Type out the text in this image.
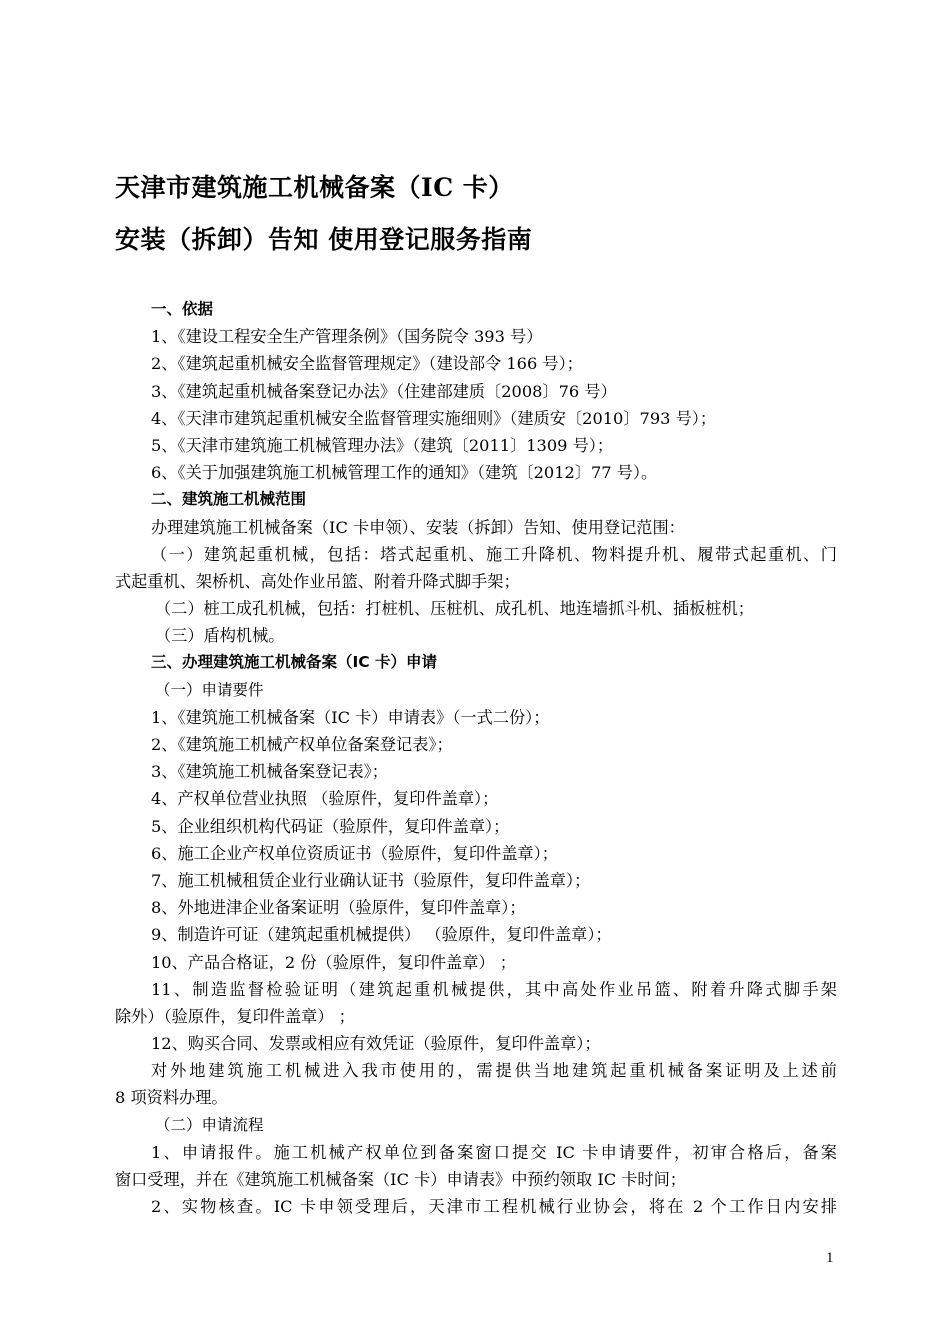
天津市建筑施工机械备案（IC 卡）
安装（拆卸）告知 使用登记服务指南
一、依据
1、《建设工程安全生产管理条例》（国务院令 393 号）
2、《建筑起重机械安全监督管理规定》（建设部令 166 号）；
3、《建筑起重机械备案登记办法》（住建部建质〔2008〕76 号）
4、《天津市建筑起重机械安全监督管理实施细则》（建质安〔2010〕793 号）；
5、《天津市建筑施工机械管理办法》（建筑〔2011〕1309 号）；
6、《关于加强建筑施工机械管理工作的通知》（建筑〔2012〕77 号）。
二、建筑施工机械范围
办理建筑施工机械备案（IC 卡申领）、安装（拆卸）告知、使用登记范围：
（一）建筑起重机械，包括：塔式起重机、施工升降机、物料提升机、履带式起重机、门
式起重机、架桥机、高处作业吊篮、附着升降式脚手架；
（二）桩工成孔机械，包括：打桩机、压桩机、成孔机、地连墙抓斗机、插板桩机；
（三）盾构机械。
三、办理建筑施工机械备案（IC 卡）申请
（一）申请要件
1、《建筑施工机械备案（IC 卡）申请表》（一式二份）；
2、《建筑施工机械产权单位备案登记表》；
3、《建筑施工机械备案登记表》；
4、产权单位营业执照 （验原件，复印件盖章）；
5、企业组织机构代码证（验原件，复印件盖章）；
6、施工企业产权单位资质证书（验原件，复印件盖章）；
7、施工机械租赁企业行业确认证书（验原件，复印件盖章）；
8、外地进津企业备案证明（验原件，复印件盖章）；
9、制造许可证（建筑起重机械提供） （验原件，复印件盖章）；
10、产品合格证，2 份（验原件，复印件盖章） ；
11、制造监督检验证明（建筑起重机械提供，其中高处作业吊篮、附着升降式脚手架
除外）（验原件，复印件盖章） ；
12、购买合同、发票或相应有效凭证（验原件，复印件盖章）；
对外地建筑施工机械进入我市使用的，需提供当地建筑起重机械备案证明及上述前
8 项资料办理。
（二）申请流程
1、申请报件。施工机械产权单位到备案窗口提交 IC 卡申请要件，初审合格后，备案
窗口受理，并在《建筑施工机械备案（IC 卡）申请表》中预约领取 IC 卡时间；
2、实物核查。IC 卡申领受理后，天津市工程机械行业协会，将在 2 个工作日内安排
1
